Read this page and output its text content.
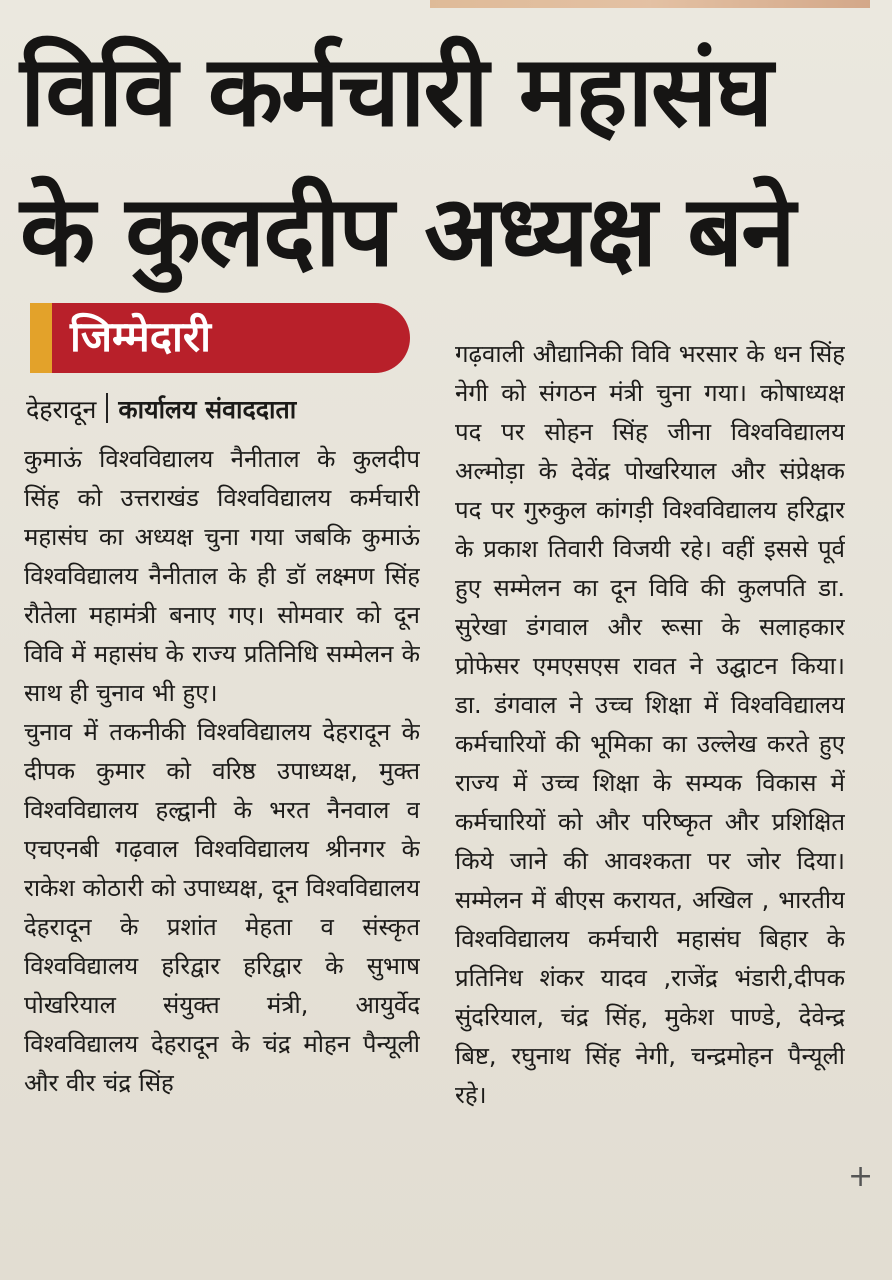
विवि कर्मचारी महासंघ
के कुलदीप अध्यक्ष बने
जिम्मेदारी
देहरादून कार्यालय संवाददाता

कुमाऊं विश्वविद्यालय नैनीताल के कुलदीप सिंह को उत्तराखंड विश्वविद्यालय कर्मचारी महासंघ का अध्यक्ष चुना गया जबकि कुमाऊं विश्वविद्यालय नैनीताल के ही डॉ लक्ष्मण सिंह रौतेला महामंत्री बनाए गए। सोमवार को दून विवि में महासंघ के राज्य प्रतिनिधि सम्मेलन के साथ ही चुनाव भी हुए।

चुनाव में तकनीकी विश्वविद्यालय देहरादून के दीपक कुमार को वरिष्ठ उपाध्यक्ष, मुक्त विश्वविद्यालय हल्द्वानी के भरत नैनवाल व एचएनबी गढ़वाल विश्वविद्यालय श्रीनगर के राकेश कोठारी को उपाध्यक्ष, दून विश्वविद्यालय देहरादून के प्रशांत मेहता व संस्कृत विश्वविद्यालय हरिद्वार हरिद्वार के सुभाष पोखरियाल संयुक्त मंत्री, आयुर्वेद विश्वविद्यालय देहरादून के चंद्र मोहन पैन्यूली और वीर चंद्र सिंह

गढ़वाली औद्यानिकी विवि भरसार के धन सिंह नेगी को संगठन मंत्री चुना गया। कोषाध्यक्ष पद पर सोहन सिंह जीना विश्वविद्यालय अल्मोड़ा के देवेंद्र पोखरियाल और संप्रेक्षक पद पर गुरुकुल कांगड़ी विश्वविद्यालय हरिद्वार के प्रकाश तिवारी विजयी रहे। वहीं इससे पूर्व हुए सम्मेलन का दून विवि की कुलपति डा. सुरेखा डंगवाल और रूसा के सलाहकार प्रोफेसर एमएसएस रावत ने उद्घाटन किया। डा. डंगवाल ने उच्च शिक्षा में विश्वविद्यालय कर्मचारियों की भूमिका का उल्लेख करते हुए राज्य में उच्च शिक्षा के सम्यक विकास में कर्मचारियों को और परिष्कृत और प्रशिक्षित किये जाने की आवश्कता पर जोर दिया। सम्मेलन में बीएस करायत, अखिल , भारतीय विश्वविद्यालय कर्मचारी महासंघ बिहार के प्रतिनिध शंकर यादव ,राजेंद्र भंडारी,दीपक सुंदरियाल, चंद्र सिंह, मुकेश पाण्डे, देवेन्द्र बिष्ट, रघुनाथ सिंह नेगी, चन्द्रमोहन पैन्यूली रहे।

+
